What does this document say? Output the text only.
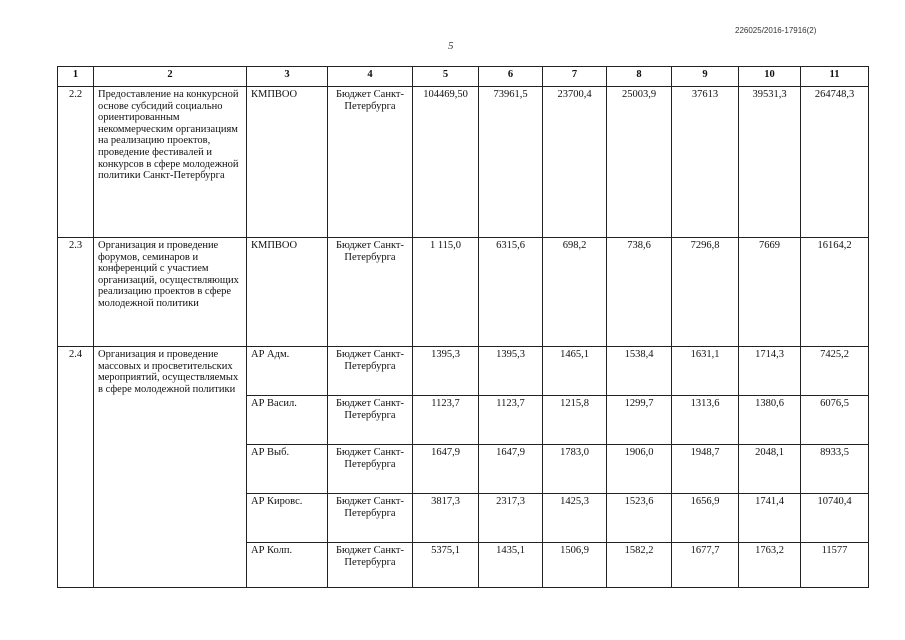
226025/2016-17916(2)
5
1	2	3	4	5	6	7	8	9	10	11
2.2	Предоставление на конкурсной основе субсидий социально ориентированным некоммерческим организациям на реализацию проектов, проведение фестивалей и конкурсов в сфере молодежной политики Санкт-Петербурга	КМПВОО	Бюджет Санкт-Петербурга	104469,50	73961,5	23700,4	25003,9	37613	39531,3	264748,3
2.3	Организация и проведение форумов, семинаров и конференций с участием организаций, осуществляющих реализацию проектов в сфере молодежной политики	КМПВОО	Бюджет Санкт-Петербурга	1 115,0	6315,6	698,2	738,6	7296,8	7669	16164,2
2.4	Организация и проведение массовых и просветительских мероприятий, осуществляемых в сфере молодежной политики	АР Адм.	Бюджет Санкт-Петербурга	1395,3	1395,3	1465,1	1538,4	1631,1	1714,3	7425,2
		АР Васил.	Бюджет Санкт-Петербурга	1123,7	1123,7	1215,8	1299,7	1313,6	1380,6	6076,5
		АР Выб.	Бюджет Санкт-Петербурга	1647,9	1647,9	1783,0	1906,0	1948,7	2048,1	8933,5
		АР Кировс.	Бюджет Санкт-Петербурга	3817,3	2317,3	1425,3	1523,6	1656,9	1741,4	10740,4
		АР Колп.	Бюджет Санкт-Петербурга	5375,1	1435,1	1506,9	1582,2	1677,7	1763,2	11577
